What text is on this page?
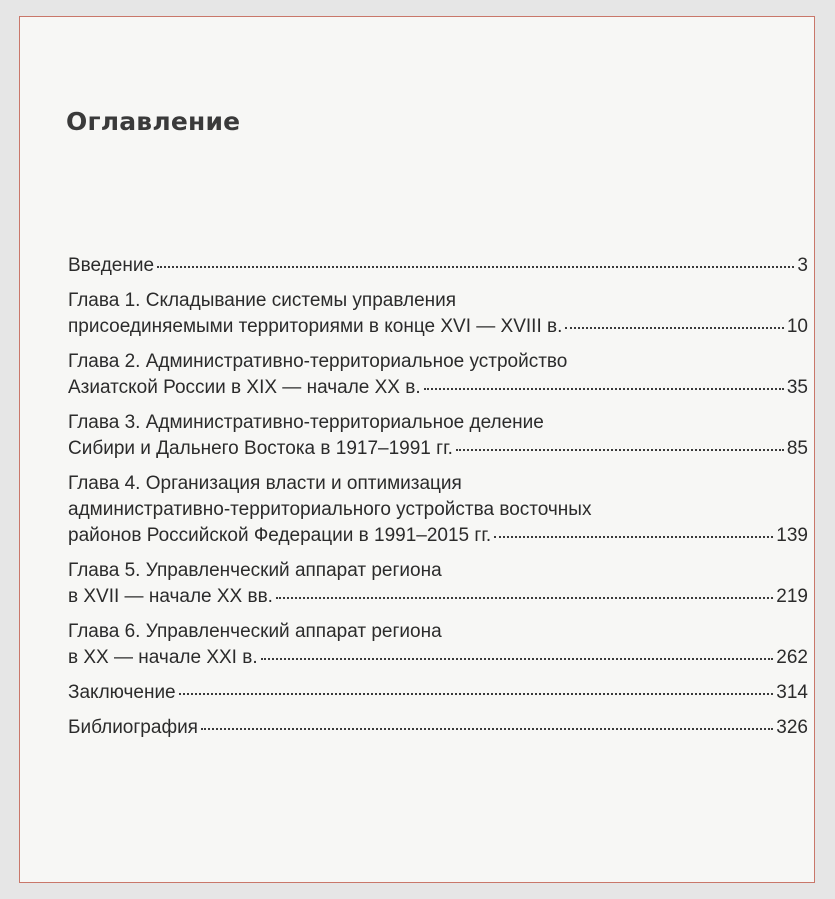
Оглавление
Введение	3
Глава 1. Складывание системы управления
присоединяемыми территориями в конце XVI — XVIII в.	10
Глава 2. Административно-территориальное устройство
Азиатской России в XIX — начале XX в.	35
Глава 3. Административно-территориальное деление
Сибири и Дальнего Востока в 1917–1991 гг.	85
Глава 4. Организация власти и оптимизация
административно-территориального устройства восточных
районов Российской Федерации в 1991–2015 гг.	139
Глава 5. Управленческий аппарат региона
в XVII — начале XX вв.	219
Глава 6. Управленческий аппарат региона
в XX — начале XXI в.	262
Заключение	314
Библиография	326
